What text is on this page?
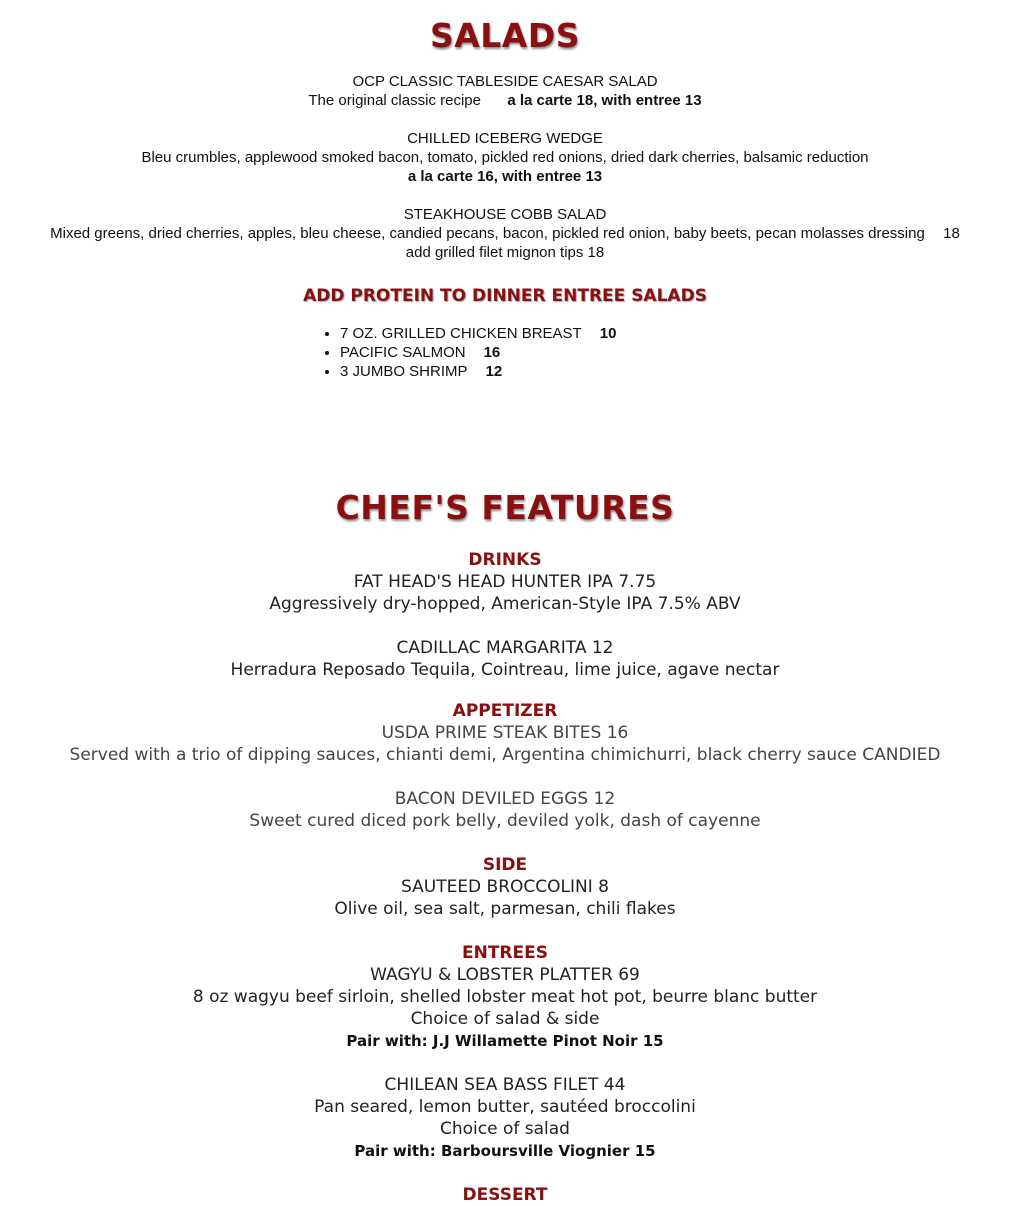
SALADS
OCP CLASSIC TABLESIDE CAESAR SALAD
The original classic recipe a la carte 18, with entree 13
CHILLED ICEBERG WEDGE
Bleu crumbles, applewood smoked bacon, tomato, pickled red onions, dried dark cherries, balsamic reduction
a la carte 16, with entree 13
STEAKHOUSE COBB SALAD
Mixed greens, dried cherries, apples, bleu cheese, candied pecans, bacon, pickled red onion, baby beets, pecan molasses dressing 18
add grilled filet mignon tips 18
ADD PROTEIN TO DINNER ENTREE SALADS
• 7 OZ. GRILLED CHICKEN BREAST 10
• PACIFIC SALMON 16
• 3 JUMBO SHRIMP 12
CHEF'S FEATURES
DRINKS
FAT HEAD'S HEAD HUNTER IPA 7.75
Aggressively dry-hopped, American-Style IPA 7.5% ABV
CADILLAC MARGARITA 12
Herradura Reposado Tequila, Cointreau, lime juice, agave nectar
APPETIZER
USDA PRIME STEAK BITES 16
Served with a trio of dipping sauces, chianti demi, Argentina chimichurri, black cherry sauce CANDIED
BACON DEVILED EGGS 12
Sweet cured diced pork belly, deviled yolk, dash of cayenne
SIDE
SAUTEED BROCCOLINI 8
Olive oil, sea salt, parmesan, chili flakes
ENTREES
WAGYU & LOBSTER PLATTER 69
8 oz wagyu beef sirloin, shelled lobster meat hot pot, beurre blanc butter
Choice of salad & side
Pair with: J.J Willamette Pinot Noir 15
CHILEAN SEA BASS FILET 44
Pan seared, lemon butter, sautéed broccolini
Choice of salad
Pair with: Barboursville Viognier 15
DESSERT
